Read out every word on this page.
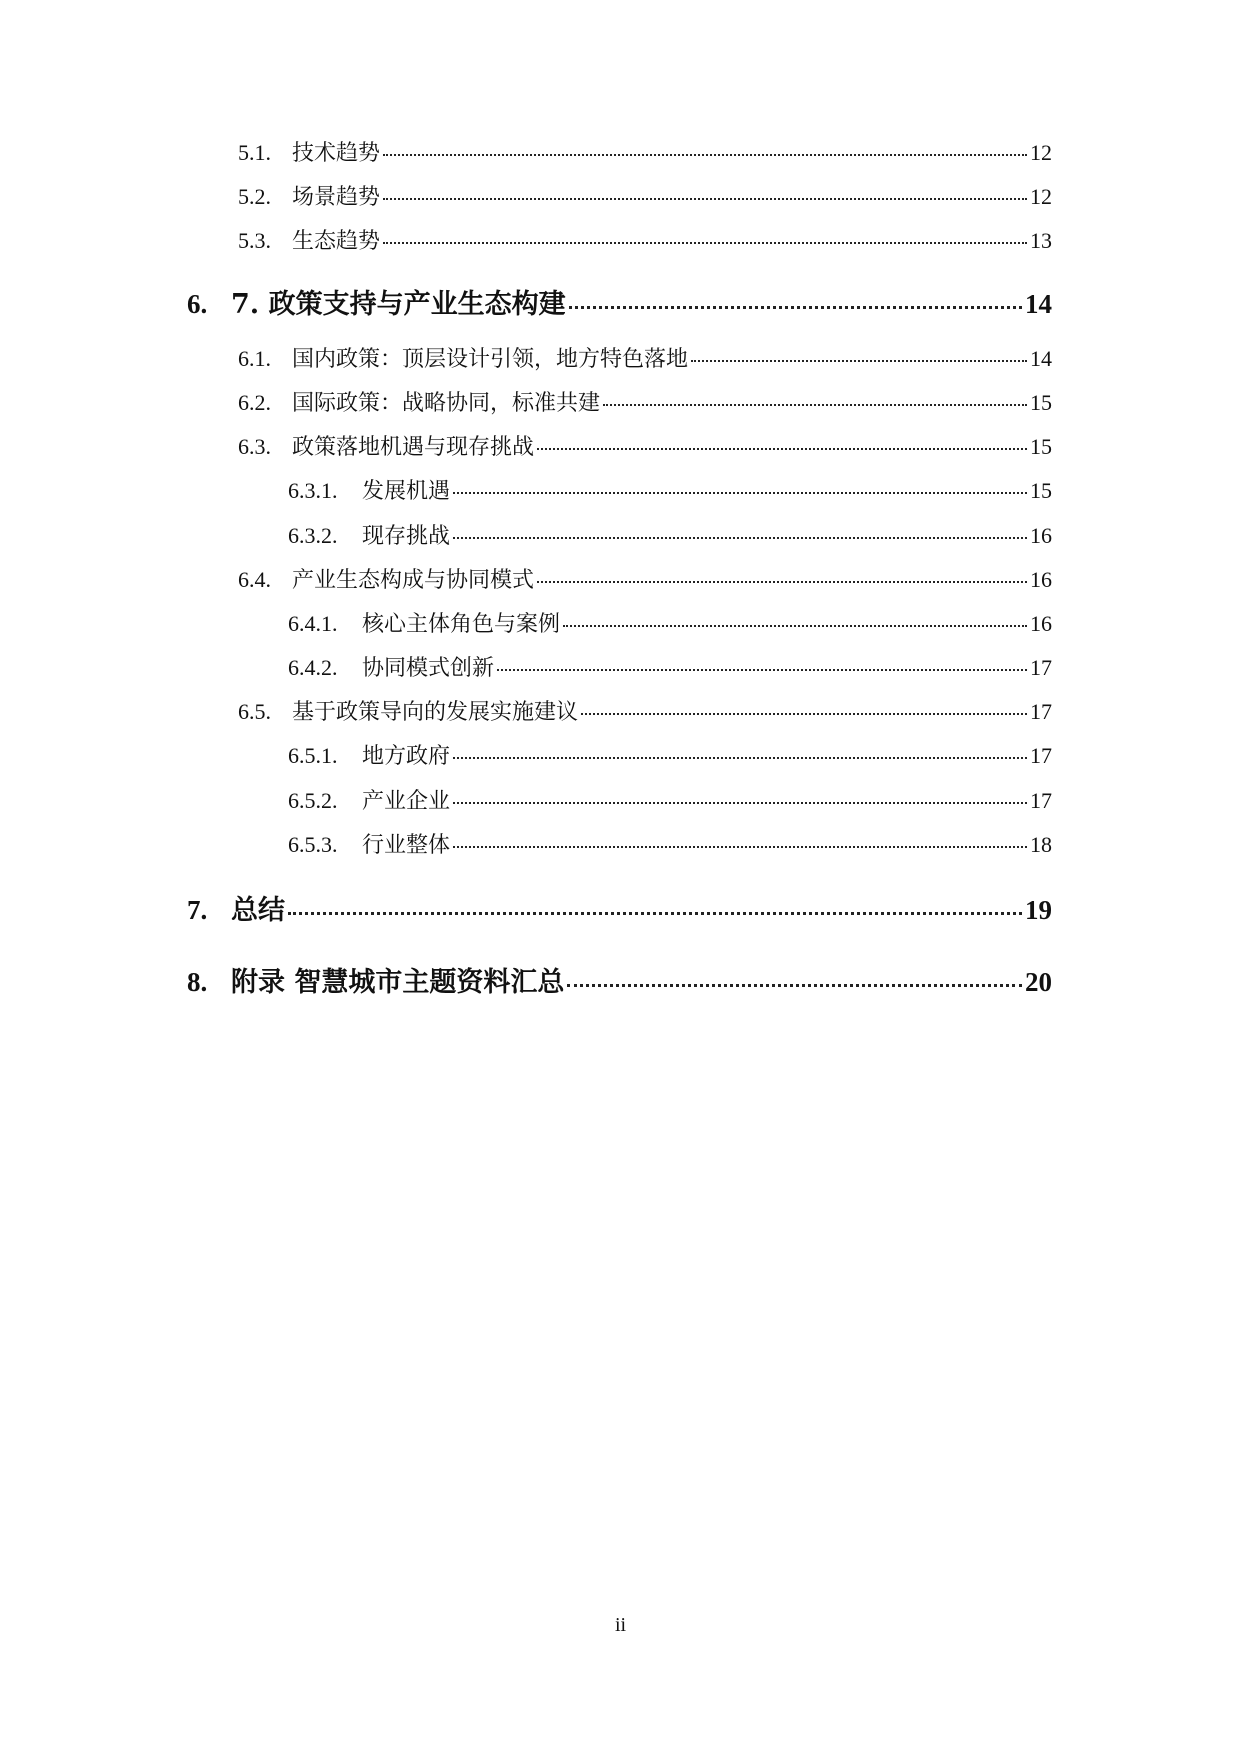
5.1. 技术趋势	12
5.2. 场景趋势	12
5.3. 生态趋势	13
6. 7. 政策支持与产业生态构建	14
6.1. 国内政策：顶层设计引领，地方特色落地	14
6.2. 国际政策：战略协同，标准共建	15
6.3. 政策落地机遇与现存挑战	15
6.3.1.	发展机遇	15
6.3.2.	现存挑战	16
6.4. 产业生态构成与协同模式	16
6.4.1.	核心主体角色与案例	16
6.4.2.	协同模式创新	17
6.5. 基于政策导向的发展实施建议	17
6.5.1.	地方政府	17
6.5.2.	产业企业	17
6.5.3.	行业整体	18
7. 总结	19
8. 附录 智慧城市主题资料汇总	20
ii
